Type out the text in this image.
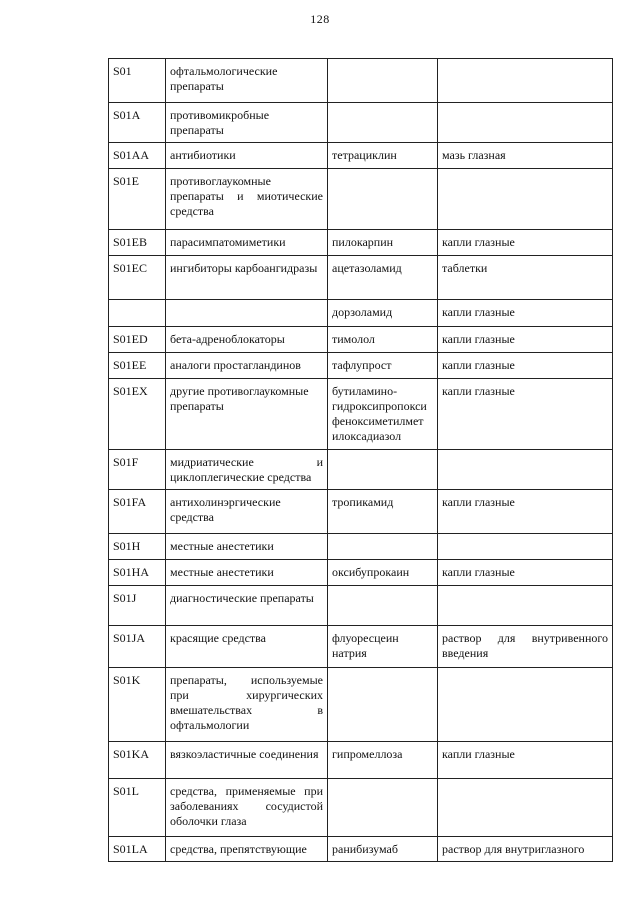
128
S01	офтальмологические препараты		
S01A	противомикробные препараты		
S01AA	антибиотики	тетрациклин	мазь глазная
S01E	противоглаукомные препараты и миотические средства		
S01EB	парасимпатомиметики	пилокарпин	капли глазные
S01EC	ингибиторы карбоангидразы	ацетазоламид	таблетки
		дорзоламид	капли глазные
S01ED	бета-адреноблокаторы	тимолол	капли глазные
S01EE	аналоги простагландинов	тафлупрост	капли глазные
S01EX	другие противоглаукомные препараты	бутиламино-гидроксипропокси феноксиметилмет илоксадиазол	капли глазные
S01F	мидриатические и циклоплегические средства		
S01FA	антихолинэргические средства	тропикамид	капли глазные
S01H	местные анестетики		
S01HA	местные анестетики	оксибупрокаин	капли глазные
S01J	диагностические препараты		
S01JA	красящие средства	флуоресцеин натрия	раствор для внутривенного введения
S01K	препараты, используемые при хирургических вмешательствах в офтальмологии		
S01KA	вязкоэластичные соединения	гипромеллоза	капли глазные
S01L	средства, применяемые при заболеваниях сосудистой оболочки глаза		
S01LA	средства, препятствующие	ранибизумаб	раствор для внутриглазного
